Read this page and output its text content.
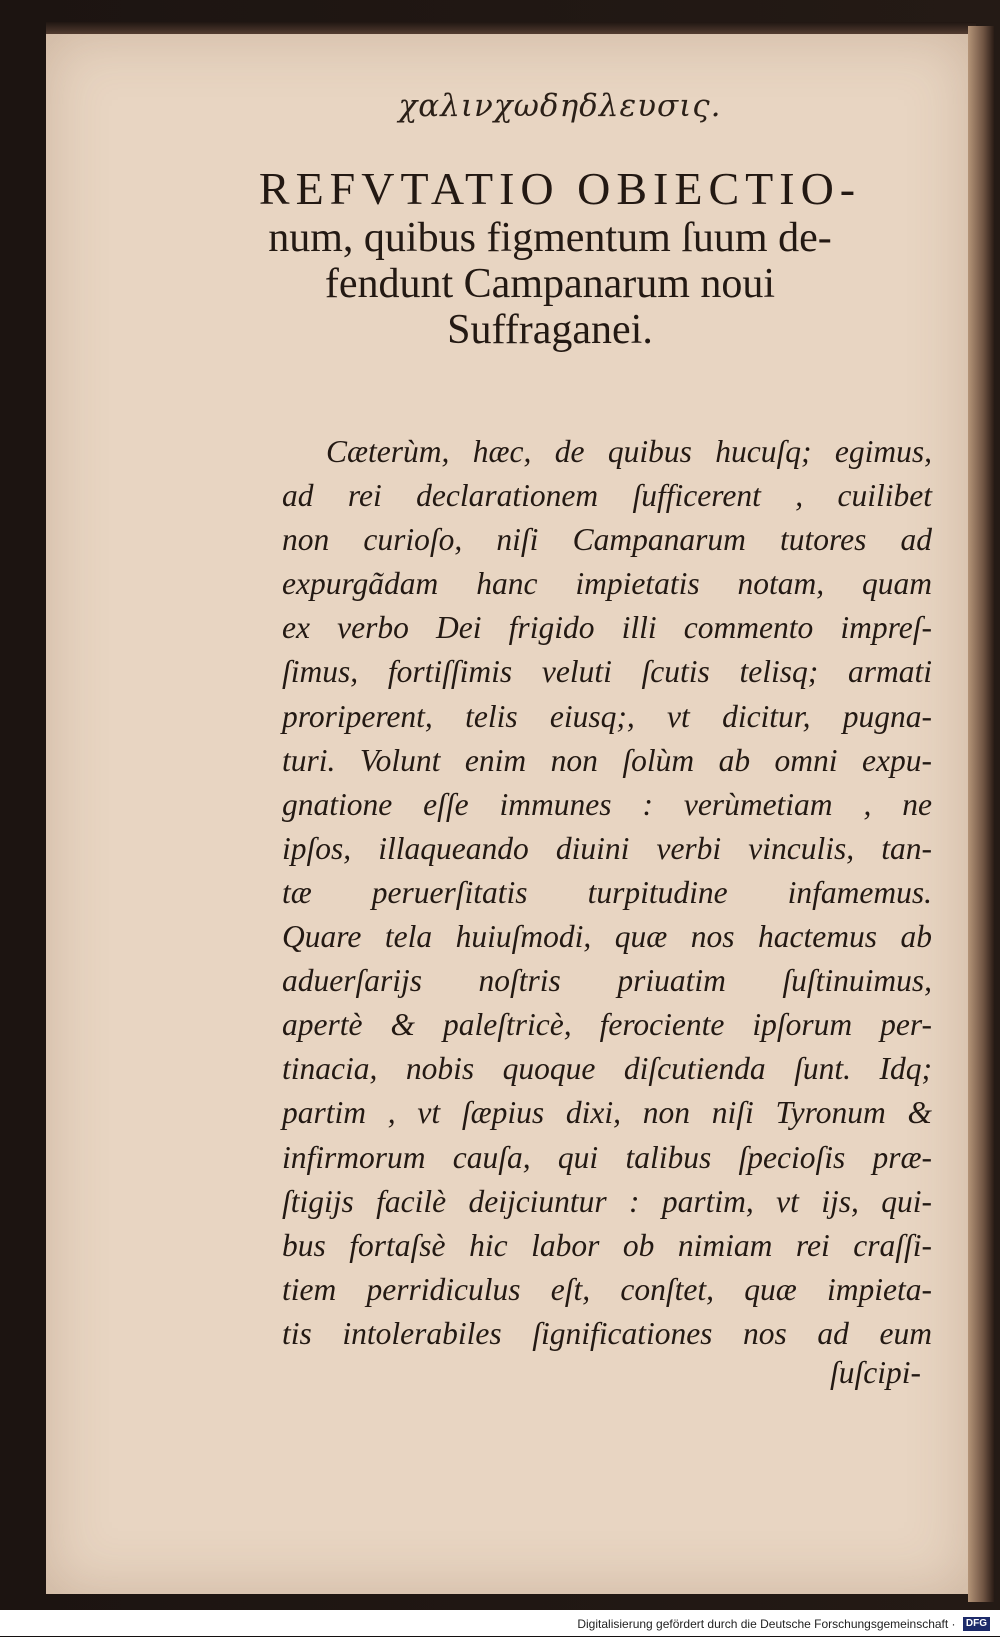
χαλινχωδηδλευσις.
REFVTATIO OBIECTIO-
num, quibus figmentum ſuum de-
fendunt Campanarum noui
Suffraganei.
Cæterùm, hæc, de quibus hucuſq; egimus,
ad rei declarationem ſufficerent , cuilibet
non curioſo, niſi Campanarum tutores ad
expurgãdam hanc impietatis notam, quam
ex verbo Dei frigido illi commento impreſ-
ſimus, fortiſſimis veluti ſcutis telisq; armati
proriperent, telis eiusq;, vt dicitur, pugna-
turi. Volunt enim non ſolùm ab omni expu-
gnatione eſſe immunes : verùmetiam , ne
ipſos, illaqueando diuini verbi vinculis, tan-
tæ peruerſitatis turpitudine infamemus.
Quare tela huiuſmodi, quæ nos hactemus ab
aduerſarijs noſtris priuatim ſuſtinuimus,
apertè & paleſtricè, ferociente ipſorum per-
tinacia, nobis quoque diſcutienda ſunt. Idq;
partim , vt ſæpius dixi, non niſi Tyronum &
infirmorum cauſa, qui talibus ſpecioſis præ-
ſtigijs facilè deijciuntur : partim, vt ijs, qui-
bus fortaſsè hic labor ob nimiam rei craſſi-
tiem perridiculus eſt, conſtet, quæ impieta-
tis intolerabiles ſignificationes nos ad eum
ſuſcipi-
Digitalisierung gefördert durch die Deutsche Forschungsgemeinschaft · DFG
